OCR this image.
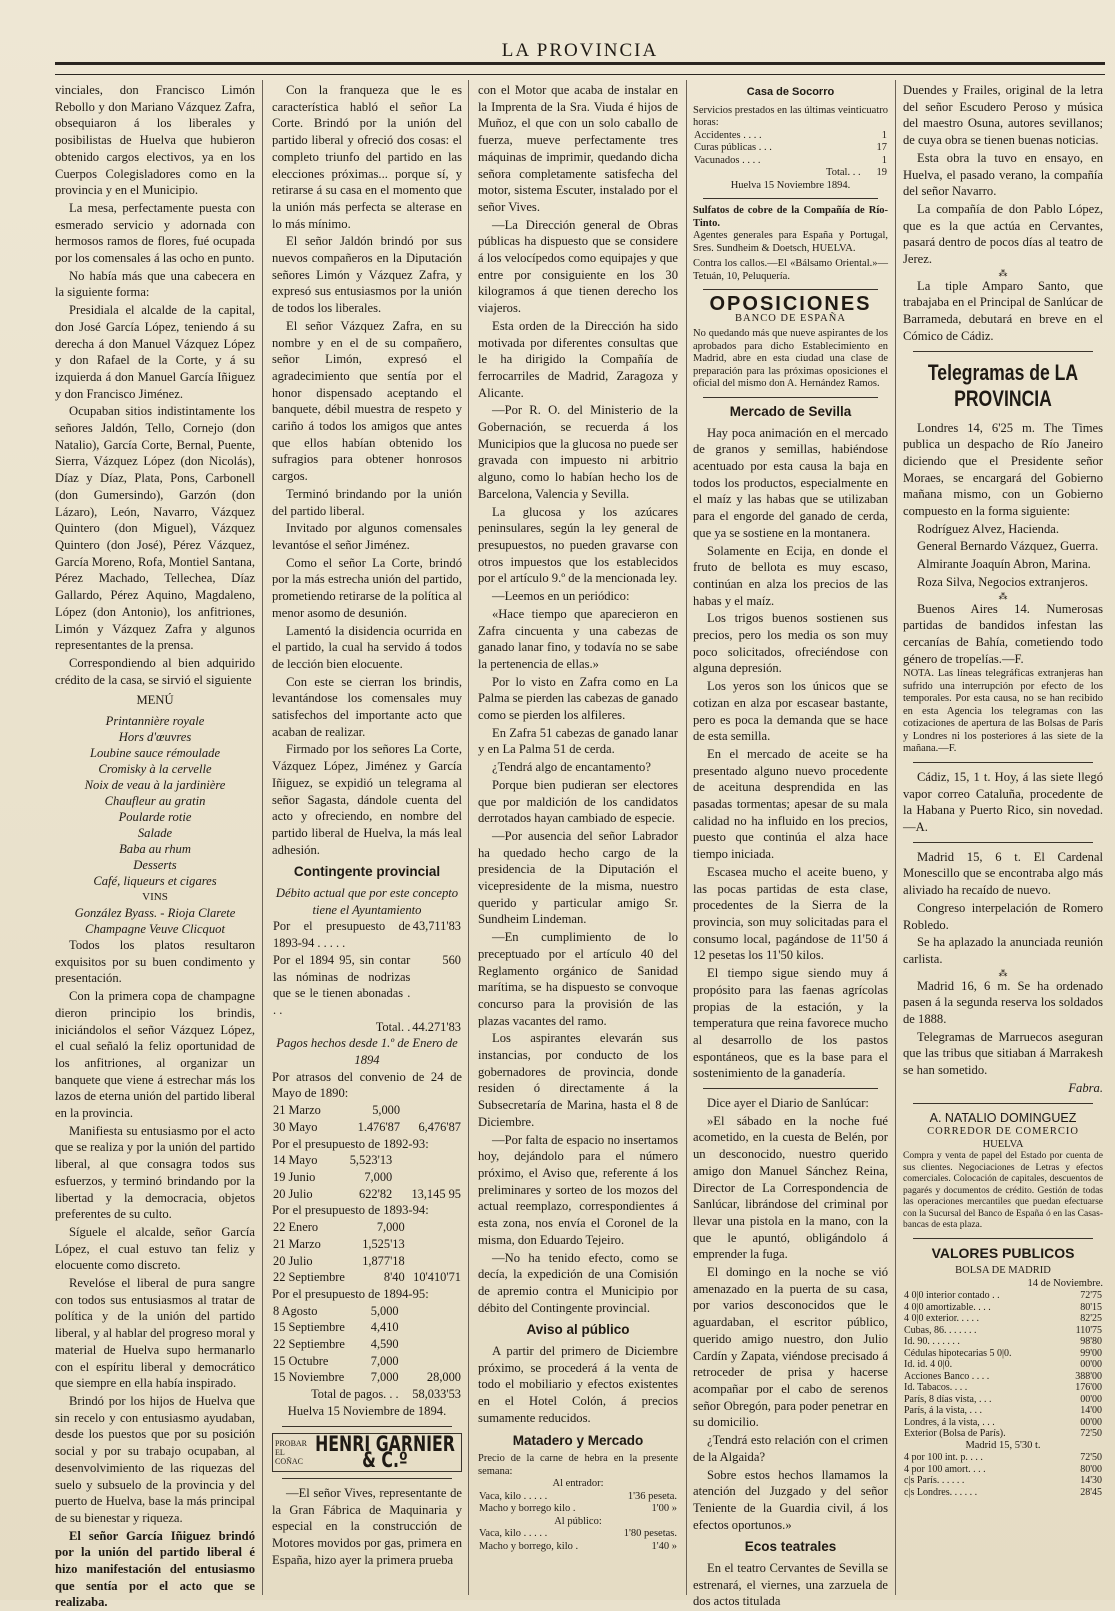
LA PROVINCIA

vinciales, don Francisco Limón Rebollo y don Mariano Vázquez Zafra, obsequiaron á los liberales y posibilistas de Huelva que hubieron obtenido cargos electivos, ya en los Cuerpos Colegisladores como en la provincia y en el Municipio.

La mesa, perfectamente puesta con esmerado servicio y adornada con hermosos ramos de flores, fué ocupada por los comensales á las ocho en punto.

No había más que una cabecera en la siguiente forma:

Presidiala el alcalde de la capital, don José García López, teniendo á su derecha á don Manuel Vázquez López y don Rafael de la Corte, y á su izquierda á don Manuel García Iñiguez y don Francisco Jiménez.

Ocupaban sitios indistintamente los señores Jaldón, Tello, Cornejo (don Natalio), García Corte, Bernal, Puente, Sierra, Vázquez López (don Nicolás), Díaz y Díaz, Plata, Pons, Carbonell (don Gumersindo), Garzón (don Lázaro), León, Navarro, Vázquez Quintero (don Miguel), Vázquez Quintero (don José), Pérez Vázquez, García Moreno, Rofa, Montiel Santana, Pérez Machado, Tellechea, Díaz Gallardo, Pérez Aquino, Magdaleno, López (don Antonio), los anfitriones, Limón y Vázquez Zafra y algunos representantes de la prensa.

Correspondiendo al bien adquirido crédito de la casa, se sirvió el siguiente

MENÚ
Printannière royale
Hors d'œuvres
Loubine sauce rémoulade
Cromisky à la cervelle
Noix de veau à la jardinière
Chaufleur au gratin
Poularde rotie
Salade
Baba au rhum
Desserts
Café, liqueurs et cigares
VINS
González Byass. - Rioja Clarete
Champagne Veuve Clicquot

Todos los platos resultaron exquisitos por su buen condimento y presentación.

Con la primera copa de champagne dieron principio los brindis, iniciándolos el señor Vázquez López, el cual señaló la feliz oportunidad de los anfitriones, al organizar un banquete que viene á estrechar más los lazos de eterna unión del partido liberal en la provincia.

Manifiesta su entusiasmo por el acto que se realiza y por la unión del partido liberal, al que consagra todos sus esfuerzos, y terminó brindando por la libertad y la democracia, objetos preferentes de su culto.

Síguele el alcalde, señor García López, el cual estuvo tan feliz y elocuente como discreto.

Revelóse el liberal de pura sangre con todos sus entusiasmos al tratar de política y de la unión del partido liberal, y al hablar del progreso moral y material de Huelva supo hermanarlo con el espíritu liberal y democrático que siempre en ella había inspirado.

Brindó por los hijos de Huelva que sin recelo y con entusiasmo ayudaban, desde los puestos que por su posición social y por su trabajo ocupaban, al desenvolvimiento de las riquezas del suelo y subsuelo de la provincia y del puerto de Huelva, base la más principal de su bienestar y riqueza.

El señor García Iñiguez brindó por la unión del partido liberal é hizo manifestación del entusiasmo que sentía por el acto que se realizaba.

Con la franqueza que le es característica habló el señor La Corte. Brindó por la unión del partido liberal y ofreció dos cosas: el completo triunfo del partido en las elecciones próximas... porque sí, y retirarse á su casa en el momento que la unión más perfecta se alterase en lo más mínimo.

El señor Jaldón brindó por sus nuevos compañeros en la Diputación señores Limón y Vázquez Zafra, y expresó sus entusiasmos por la unión de todos los liberales.

El señor Vázquez Zafra, en su nombre y en el de su compañero, señor Limón, expresó el agradecimiento que sentía por el honor dispensado aceptando el banquete, débil muestra de respeto y cariño á todos los amigos que antes que ellos habían obtenido los sufragios para obtener honrosos cargos.

Terminó brindando por la unión del partido liberal.

Invitado por algunos comensales levantóse el señor Jiménez.

Como el señor La Corte, brindó por la más estrecha unión del partido, prometiendo retirarse de la política al menor asomo de desunión.

Lamentó la disidencia ocurrida en el partido, la cual ha servido á todos de lección bien elocuente.

Con este se cierran los brindis, levantándose los comensales muy satisfechos del importante acto que acaban de realizar.

Firmado por los señores La Corte, Vázquez López, Jiménez y García Iñiguez, se expidió un telegrama al señor Sagasta, dándole cuenta del acto y ofreciendo, en nombre del partido liberal de Huelva, la más leal adhesión.

Contingente provincial
Débito actual que por este concepto tiene el Ayuntamiento
Por el presupuesto de 1893-94 . . . . .	43,711'83
Por el 1894 95, sin contar las nóminas de nodrizas que se le tienen abonadas . . .	560
Total. .	44.271'83
Pagos hechos desde 1.º de Enero de 1894
Por atrasos del convenio de 24 de Mayo de 1890:
21 Marzo	5,000	
30 Mayo	1.476'87	6,476'87
Por el presupuesto de 1892-93:
14 Mayo	5,523'13	
19 Junio	7,000	
20 Julio	622'82	13,145 95
Por el presupuesto de 1893-94:
22 Enero	7,000	
21 Marzo	1,525'13	
20 Julio	1,877'18	
22 Septiembre	8'40	10'410'71
Por el presupuesto de 1894-95:
8 Agosto	5,000	
15 Septiembre	4,410	
22 Septiembre	4,590	
15 Octubre	7,000	
15 Noviembre	7,000	28,000
Total de pagos. . .		58,033'53
Huelva 15 Noviembre de 1894.
PROBAR EL COÑAC
HENRI GARNIER & C.º

—El señor Vives, representante de la Gran Fábrica de Maquinaria y especial en la construcción de Motores movidos por gas, primera en España, hizo ayer la primera prueba

con el Motor que acaba de instalar en la Imprenta de la Sra. Viuda é hijos de Muñoz, el que con un solo caballo de fuerza, mueve perfectamente tres máquinas de imprimir, quedando dicha señora completamente satisfecha del motor, sistema Escuter, instalado por el señor Vives.

—La Dirección general de Obras públicas ha dispuesto que se considere á los velocípedos como equipajes y que entre por consiguiente en los 30 kilogramos á que tienen derecho los viajeros.

Esta orden de la Dirección ha sido motivada por diferentes consultas que le ha dirigido la Compañía de ferrocarriles de Madrid, Zaragoza y Alicante.

—Por R. O. del Ministerio de la Gobernación, se recuerda á los Municipios que la glucosa no puede ser gravada con impuesto ni arbitrio alguno, como lo habían hecho los de Barcelona, Valencia y Sevilla.

La glucosa y los azúcares peninsulares, según la ley general de presupuestos, no pueden gravarse con otros impuestos que los establecidos por el artículo 9.º de la mencionada ley.

—Leemos en un periódico:

«Hace tiempo que aparecieron en Zafra cincuenta y una cabezas de ganado lanar fino, y todavía no se sabe la pertenencia de ellas.»

Por lo visto en Zafra como en La Palma se pierden las cabezas de ganado como se pierden los alfileres.

En Zafra 51 cabezas de ganado lanar y en La Palma 51 de cerda.

¿Tendrá algo de encantamento?

Porque bien pudieran ser electores que por maldición de los candidatos derrotados hayan cambiado de especie.

—Por ausencia del señor Labrador ha quedado hecho cargo de la presidencia de la Diputación el vicepresidente de la misma, nuestro querido y particular amigo Sr. Sundheim Lindeman.

—En cumplimiento de lo preceptuado por el artículo 40 del Reglamento orgánico de Sanidad marítima, se ha dispuesto se convoque concurso para la provisión de las plazas vacantes del ramo.

Los aspirantes elevarán sus instancias, por conducto de los gobernadores de provincia, donde residen ó directamente á la Subsecretaría de Marina, hasta el 8 de Diciembre.

—Por falta de espacio no insertamos hoy, dejándolo para el número próximo, el Aviso que, referente á los preliminares y sorteo de los mozos del actual reemplazo, correspondientes á esta zona, nos envía el Coronel de la misma, don Eduardo Tejeiro.

—No ha tenido efecto, como se decía, la expedición de una Comisión de apremio contra el Municipio por débito del Contingente provincial.

Aviso al público

A partir del primero de Diciembre próximo, se procederá á la venta de todo el mobiliario y efectos existentes en el Hotel Colón, á precios sumamente reducidos.

Matadero y Mercado
Precio de la carne de hebra en la presente semana:
Al entrador:
Vaca, kilo . . . . .	1'36 peseta.
Macho y borrego kilo .	1'00 »
Al público:
Vaca, kilo . . . . .	1'80 pesetas.
Macho y borrego, kilo .	1'40 »
Casa de Socorro
Servicios prestados en las últimas veinticuatro horas:
Accidentes . . . .	1
Curas públicas . . .	17
Vacunados . . . .	1
Total. . .	19
Huelva 15 Noviembre 1894.
Sulfatos de cobre de la Compañía de Río-Tinto.
Agentes generales para España y Portugal, Sres. Sundheim & Doetsch, HUELVA.
Contra los callos.—El «Bálsamo Oriental.»—Tetuán, 10, Peluquería.
OPOSICIONES
BANCO DE ESPAÑA
No quedando más que nueve aspirantes de los aprobados para dicho Establecimiento en Madrid, abre en esta ciudad una clase de preparación para las próximas oposiciones el oficial del mismo don A. Hernández Ramos.
Mercado de Sevilla

Hay poca animación en el mercado de granos y semillas, habiéndose acentuado por esta causa la baja en todos los productos, especialmente en el maíz y las habas que se utilizaban para el engorde del ganado de cerda, que ya se sostiene en la montanera.

Solamente en Ecija, en donde el fruto de bellota es muy escaso, continúan en alza los precios de las habas y el maíz.

Los trigos buenos sostienen sus precios, pero los media os son muy poco solicitados, ofreciéndose con alguna depresión.

Los yeros son los únicos que se cotizan en alza por escasear bastante, pero es poca la demanda que se hace de esta semilla.

En el mercado de aceite se ha presentado alguno nuevo procedente de aceituna desprendida en las pasadas tormentas; apesar de su mala calidad no ha influido en los precios, puesto que continúa el alza hace tiempo iniciada.

Escasea mucho el aceite bueno, y las pocas partidas de esta clase, procedentes de la Sierra de la provincia, son muy solicitadas para el consumo local, pagándose de 11'50 á 12 pesetas los 11'50 kilos.

El tiempo sigue siendo muy á propósito para las faenas agrícolas propias de la estación, y la temperatura que reina favorece mucho al desarrollo de los pastos espontáneos, que es la base para el sostenimiento de la ganadería.

Dice ayer el Diario de Sanlúcar:

»El sábado en la noche fué acometido, en la cuesta de Belén, por un desconocido, nuestro querido amigo don Manuel Sánchez Reina, Director de La Correspondencia de Sanlúcar, librándose del criminal por llevar una pistola en la mano, con la que le apuntó, obligándolo á emprender la fuga.

El domingo en la noche se vió amenazado en la puerta de su casa, por varios desconocidos que le aguardaban, el escritor público, querido amigo nuestro, don Julio Cardín y Zapata, viéndose precisado á retroceder de prisa y hacerse acompañar por el cabo de serenos señor Obregón, para poder penetrar en su domicilio.

¿Tendrá esto relación con el crimen de la Algaida?

Sobre estos hechos llamamos la atención del Juzgado y del señor Teniente de la Guardia civil, á los efectos oportunos.»

Ecos teatrales

En el teatro Cervantes de Sevilla se estrenará, el viernes, una zarzuela de dos actos titulada

Duendes y Frailes, original de la letra del señor Escudero Peroso y música del maestro Osuna, autores sevillanos; de cuya obra se tienen buenas noticias.

Esta obra la tuvo en ensayo, en Huelva, el pasado verano, la compañía del señor Navarro.

La compañía de don Pablo López, que es la que actúa en Cervantes, pasará dentro de pocos días al teatro de Jerez.

⁂

La tiple Amparo Santo, que trabajaba en el Principal de Sanlúcar de Barrameda, debutará en breve en el Cómico de Cádiz.

Telegramas de LA PROVINCIA

Londres 14, 6'25 m. The Times publica un despacho de Río Janeiro diciendo que el Presidente señor Moraes, se encargará del Gobierno mañana mismo, con un Gobierno compuesto en la forma siguiente:

Rodríguez Alvez, Hacienda.

General Bernardo Vázquez, Guerra.

Almirante Joaquín Abron, Marina.

Roza Silva, Negocios extranjeros.

⁂

Buenos Aires 14. Numerosas partidas de bandidos infestan las cercanías de Bahía, cometiendo todo género de tropelías.—F.

NOTA. Las líneas telegráficas extranjeras han sufrido una interrupción por efecto de los temporales. Por esta causa, no se han recibido en esta Agencia los telegramas con las cotizaciones de apertura de las Bolsas de París y Londres ni los posteriores á las siete de la mañana.—F.

Cádiz, 15, 1 t. Hoy, á las siete llegó vapor correo Cataluña, procedente de la Habana y Puerto Rico, sin novedad.—A.

Madrid 15, 6 t. El Cardenal Monescillo que se encontraba algo más aliviado ha recaído de nuevo.

Congreso interpelación de Romero Robledo.

Se ha aplazado la anunciada reunión carlista.

⁂

Madrid 16, 6 m. Se ha ordenado pasen á la segunda reserva los soldados de 1888.

Telegramas de Marruecos aseguran que las tribus que sitiaban á Marrakesh se han sometido.

Fabra.
A. NATALIO DOMINGUEZ
CORREDOR DE COMERCIO
HUELVA
Compra y venta de papel del Estado por cuenta de sus clientes. Negociaciones de Letras y efectos comerciales. Colocación de capitales, descuentos de pagarés y documentos de crédito. Gestión de todas las operaciones mercantiles que puedan efectuarse con la Sucursal del Banco de España ó en las Casas-bancas de esta plaza.
VALORES PUBLICOS
BOLSA DE MADRID
14 de Noviembre.
4 0|0 interior contado . .	72'75
4 0|0 amortizable. . . .	80'15
4 0|0 exterior. . . . .	82'25
Cubas, 86. . . . . . .	110'75
Id. 90. . . . . . .	98'80
Cédulas hipotecarias 5 0|0.	99'00
Id. id. 4 0|0.	00'00
Acciones Banco . . . .	388'00
Id. Tabacos. . . .	176'00
París, 8 días vista, . . .	00'00
París, á la vista, . . .	14'00
Londres, á la vista, . . .	00'00
Exterior (Bolsa de París).	72'50
Madrid 15, 5'30 t.
4 por 100 int. p. . . .	72'50
4 por 100 amort. . . .	80'00
c|s París. . . . . .	14'30
c|s Londres. . . . . .	28'45
